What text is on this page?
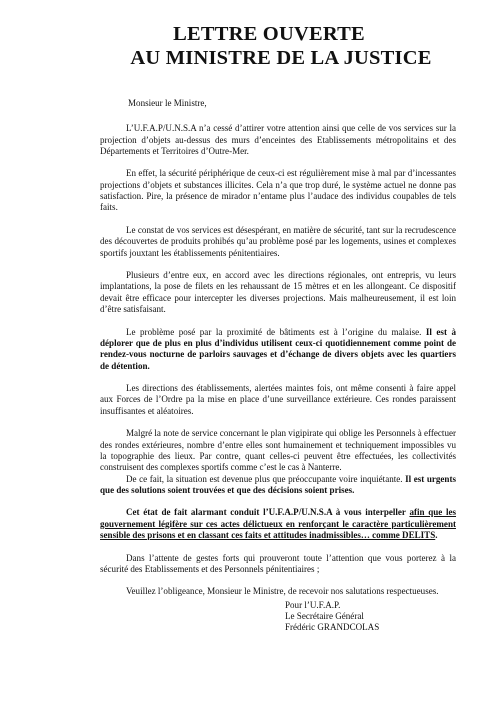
LETTRE OUVERTE
AU MINISTRE DE LA JUSTICE

Monsieur le Ministre,

L’U.F.A.P/U.N.S.A n’a cessé d’attirer votre attention ainsi que celle de vos services sur la projection d’objets au-dessus des murs d’enceintes des Etablissements métropolitains et des Départements et Territoires d’Outre-Mer.

En effet, la sécurité périphérique de ceux-ci est régulièrement mise à mal par d’incessantes projections d’objets et substances illicites. Cela n’a que trop duré, le système actuel ne donne pas satisfaction. Pire, la présence de mirador n’entame plus l’audace des individus coupables de tels faits.

Le constat de vos services est désespérant, en matière de sécurité, tant sur la recrudescence des découvertes de produits prohibés qu’au problème posé par les logements, usines et complexes sportifs jouxtant les établissements pénitentiaires.

Plusieurs d’entre eux, en accord avec les directions régionales, ont entrepris, vu leurs implantations, la pose de filets en les rehaussant de 15 mètres et en les allongeant. Ce dispositif devait être efficace pour intercepter les diverses projections. Mais malheureusement, il est loin d’être satisfaisant.

Le problème posé par la proximité de bâtiments est à l’origine du malaise. Il est à déplorer que de plus en plus d’individus utilisent ceux-ci quotidiennement comme point de rendez-vous nocturne de parloirs sauvages et d’échange de divers objets avec les quartiers de détention.

Les directions des établissements, alertées maintes fois, ont même consenti à faire appel aux Forces de l’Ordre pa la mise en place d’une surveillance extérieure. Ces rondes paraissent insuffisantes et aléatoires.

Malgré la note de service concernant le plan vigipirate qui oblige les Personnels à effectuer des rondes extérieures, nombre d’entre elles sont humainement et techniquement impossibles vu la topographie des lieux. Par contre, quant celles-ci peuvent être effectuées, les collectivités construisent des complexes sportifs comme c’est le cas à Nanterre.

De ce fait, la situation est devenue plus que préoccupante voire inquiétante. Il est urgents que des solutions soient trouvées et que des décisions soient prises.

Cet état de fait alarmant conduit l’U.F.A.P/U.N.S.A à vous interpeller afin que les gouvernement légifère sur ces actes délictueux en renforçant le caractère particulièrement sensible des prisons et en classant ces faits et attitudes inadmissibles… comme DELITS.

Dans l’attente de gestes forts qui prouveront toute l’attention que vous porterez à la sécurité des Etablissements et des Personnels pénitentiaires ;

Veuillez l’obligeance, Monsieur le Ministre, de recevoir nos salutations respectueuses.

Pour l’U.F.A.P.
Le Secrétaire Général
Frédéric GRANDCOLAS
